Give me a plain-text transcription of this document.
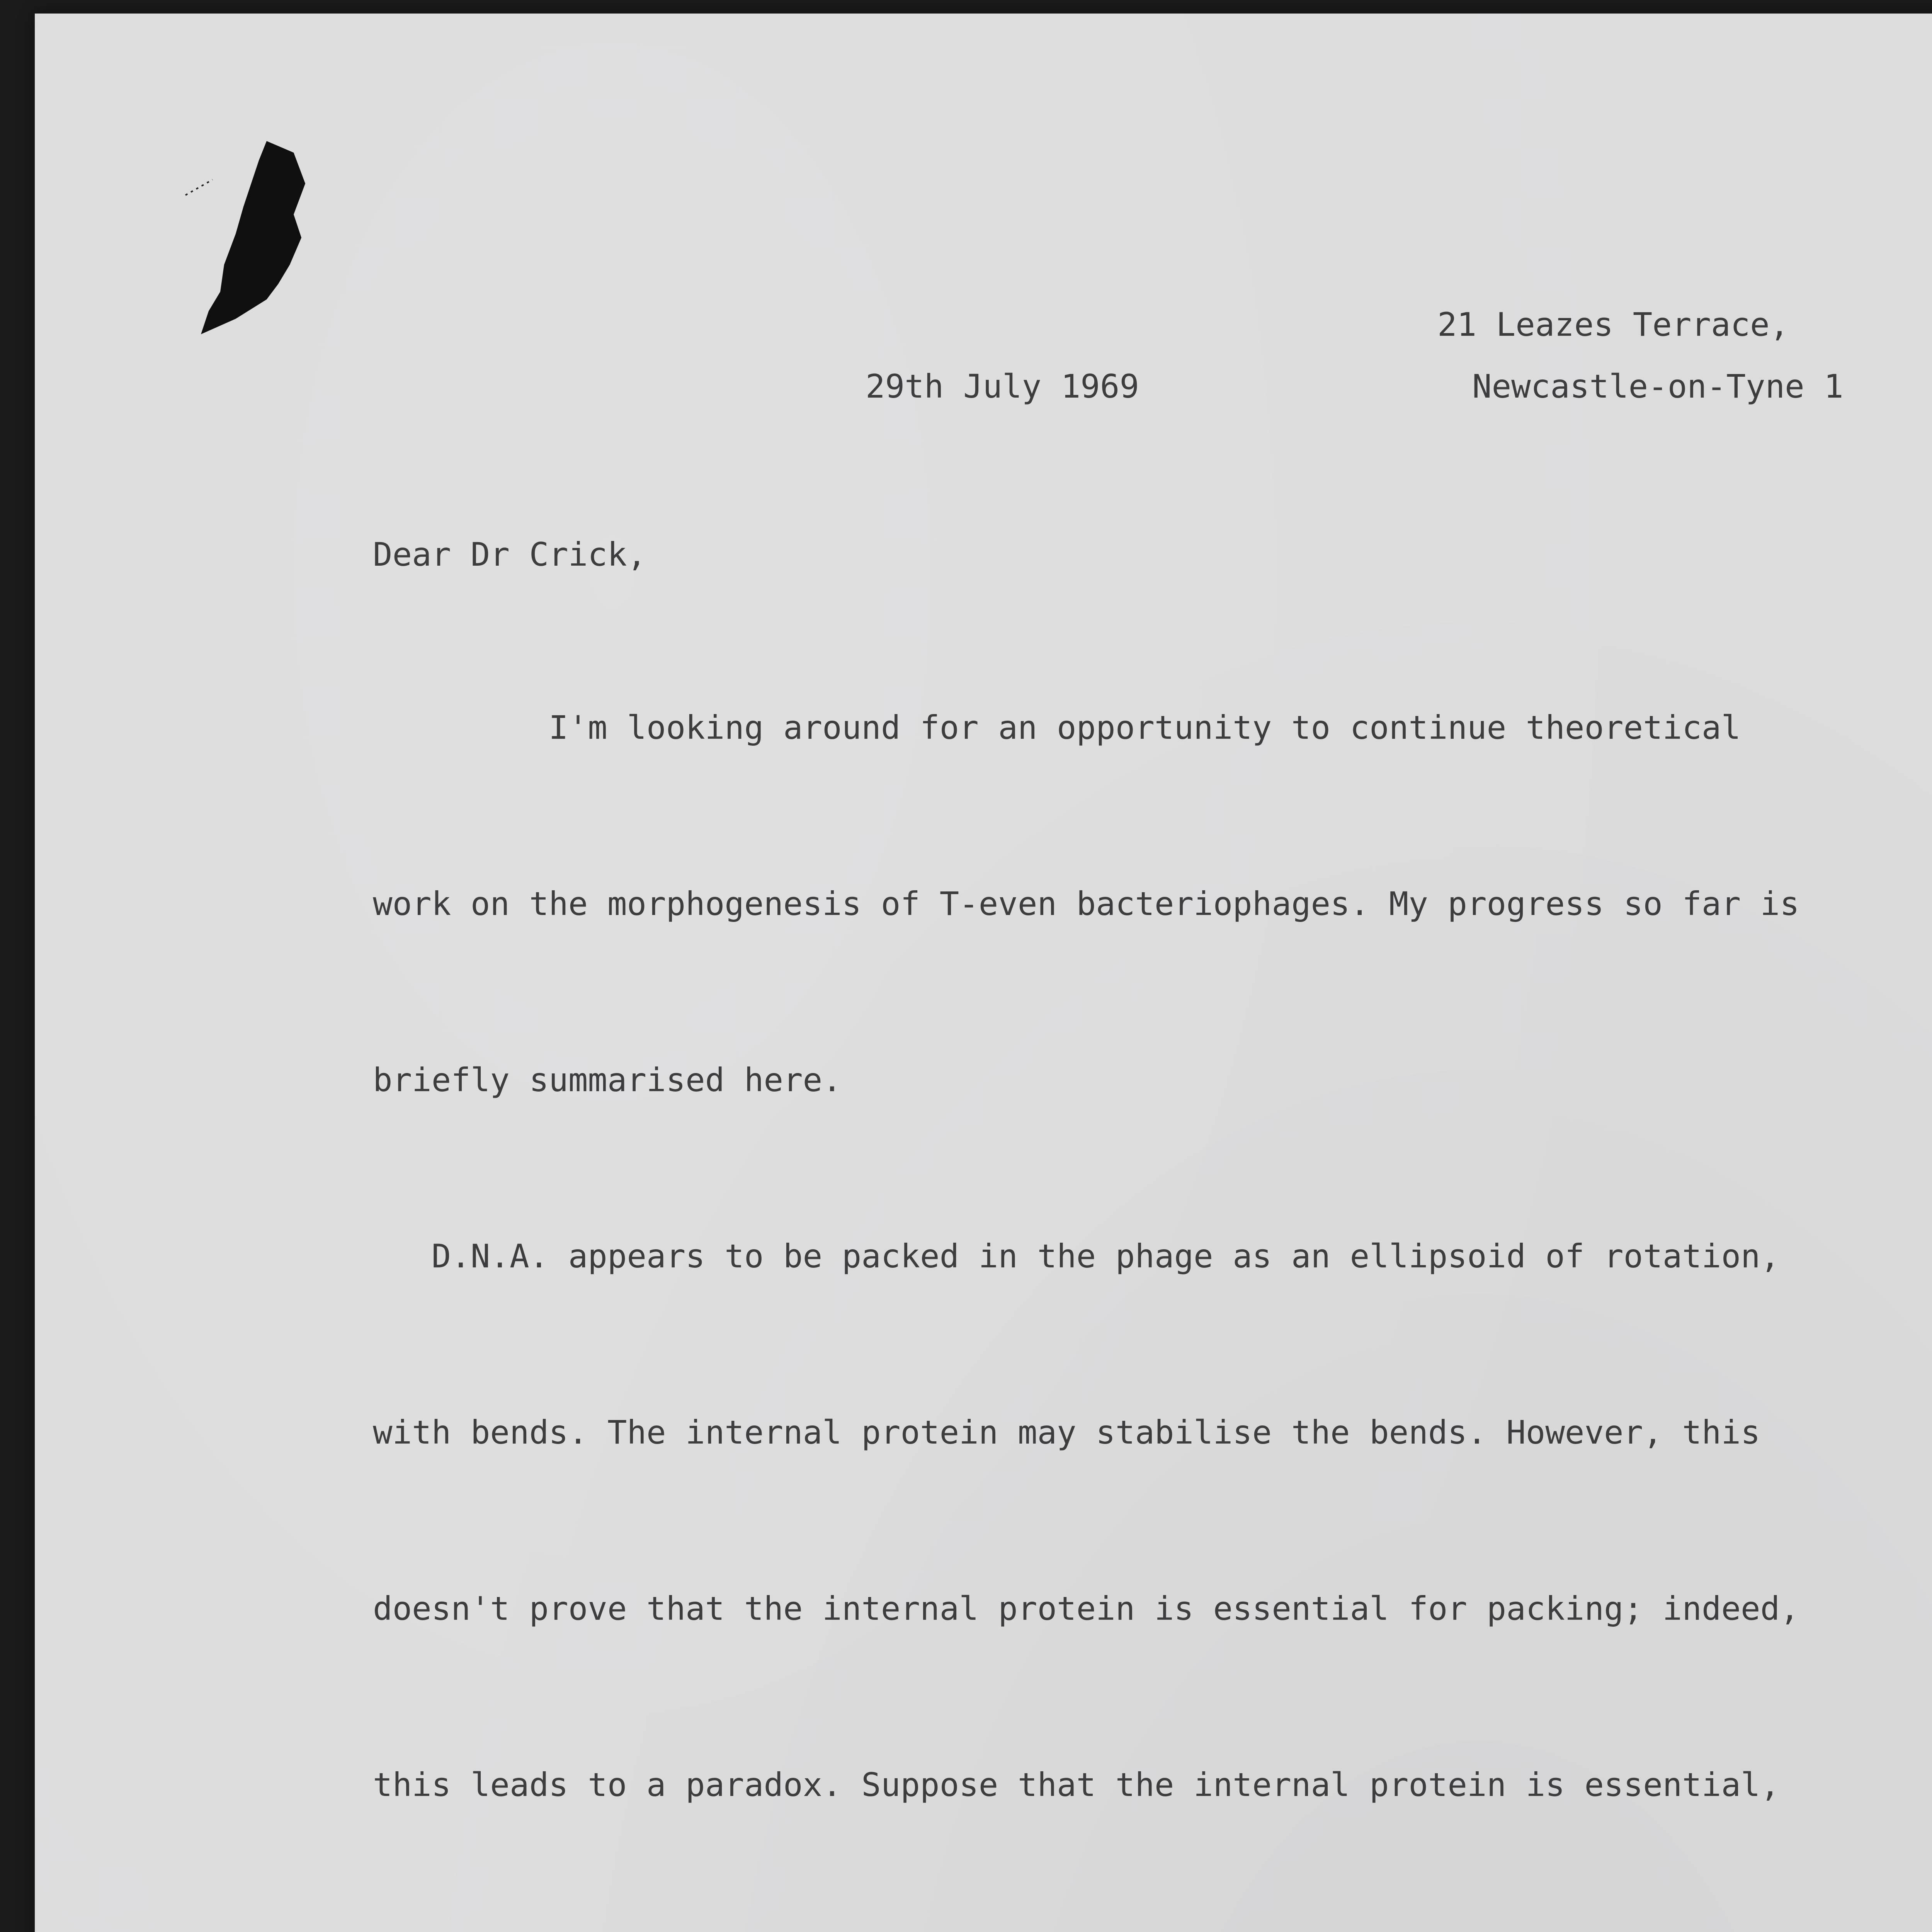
21 Leazes Terrace,
29th July 1969	Newcastle-on-Tyne 1
Dear Dr Crick,

I'm looking around for an opportunity to continue theoretical

work on the morphogenesis of T-even bacteriophages. My progress so far is

briefly summarised here.

D.N.A. appears to be packed in the phage as an ellipsoid of rotation,

with bends. The internal protein may stabilise the bends. However, this

doesn't prove that the internal protein is essential for packing; indeed,

this leads to a paradox. Suppose that the internal protein is essential,
